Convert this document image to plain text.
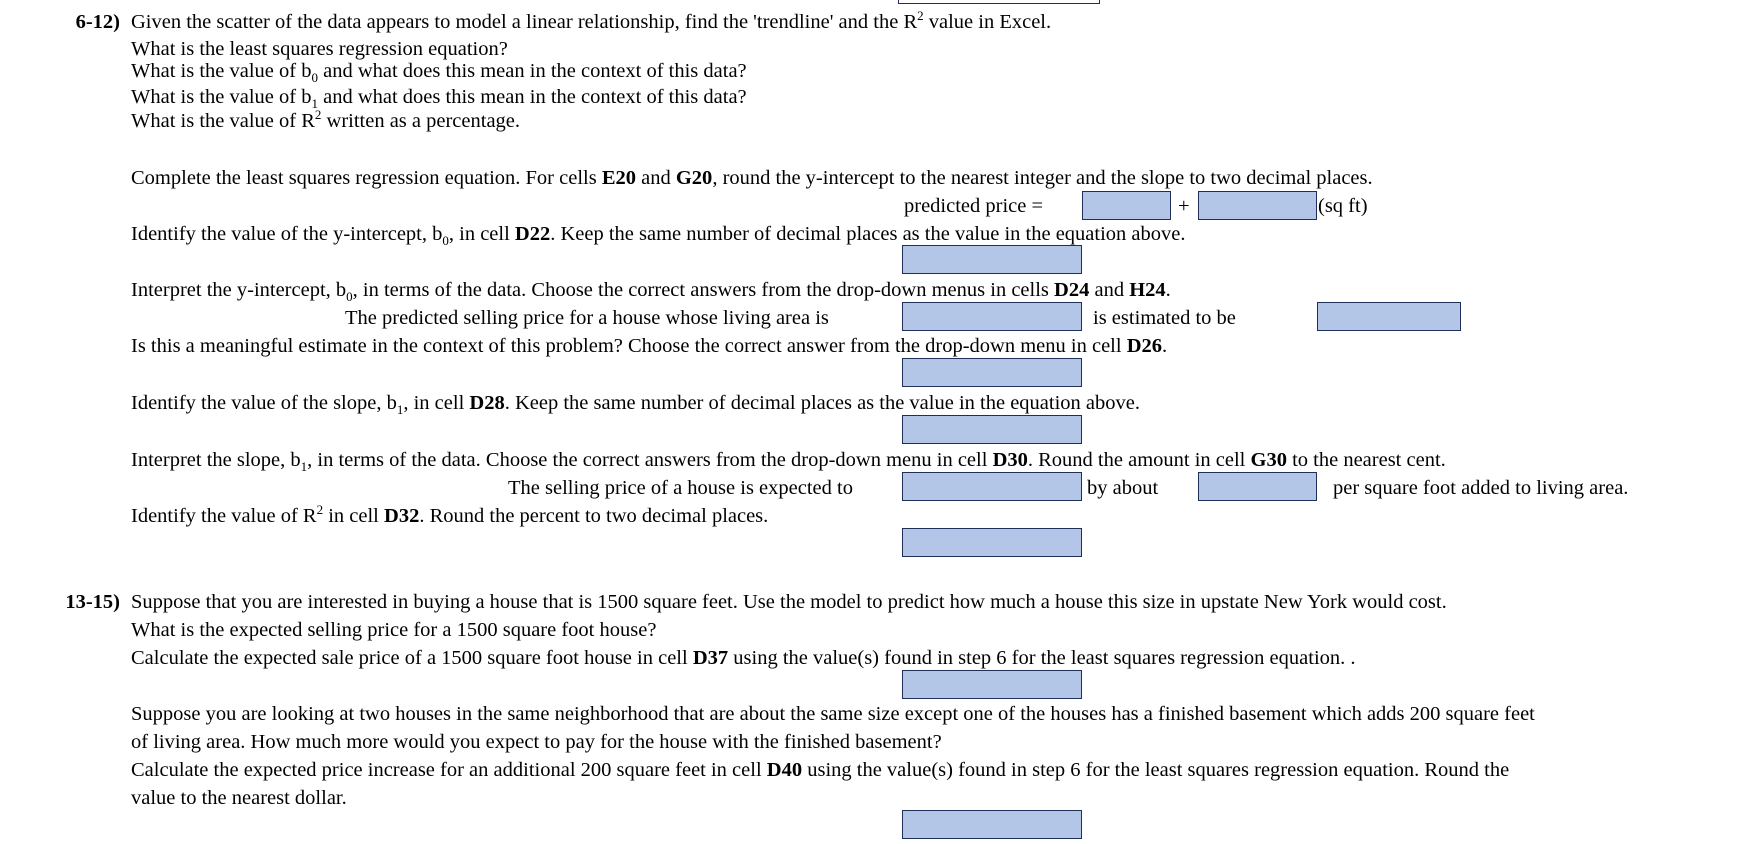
6-12) Given the scatter of the data appears to model a linear relationship, find the 'trendline' and the $R^2$ value in Excel.
What is the least squares regression equation?
What is the value of $b_0$ and what does this mean in the context of this data?
What is the value of $b_1$ and what does this mean in the context of this data?
What is the value of $R^2$ written as a percentage.
Complete the least squares regression equation. For cells E20 and G20, round the y-intercept to the nearest integer and the slope to two decimal places.
predicted price =	+	(sq ft)
Identify the value of the y-intercept, $b_0$, in cell D22. Keep the same number of decimal places as the value in the equation above.
Interpret the y-intercept, $b_0$, in terms of the data. Choose the correct answers from the drop-down menus in cells D24 and H24.
The predicted selling price for a house whose living area is	is estimated to be
Is this a meaningful estimate in the context of this problem? Choose the correct answer from the drop-down menu in cell D26.
Identify the value of the slope, $b_1$, in cell D28. Keep the same number of decimal places as the value in the equation above.
Interpret the slope, $b_1$, in terms of the data. Choose the correct answers from the drop-down menu in cell D30. Round the amount in cell G30 to the nearest cent.
The selling price of a house is expected to	by about	per square foot added to living area.
Identify the value of $R^2$ in cell D32. Round the percent to two decimal places.
13-15) Suppose that you are interested in buying a house that is 1500 square feet. Use the model to predict how much a house this size in upstate New York would cost.
What is the expected selling price for a 1500 square foot house?
Calculate the expected sale price of a 1500 square foot house in cell D37 using the value(s) found in step 6 for the least squares regression equation. .
Suppose you are looking at two houses in the same neighborhood that are about the same size except one of the houses has a finished basement which adds 200 square feet
of living area. How much more would you expect to pay for the house with the finished basement?
Calculate the expected price increase for an additional 200 square feet in cell D40 using the value(s) found in step 6 for the least squares regression equation. Round the
value to the nearest dollar.
